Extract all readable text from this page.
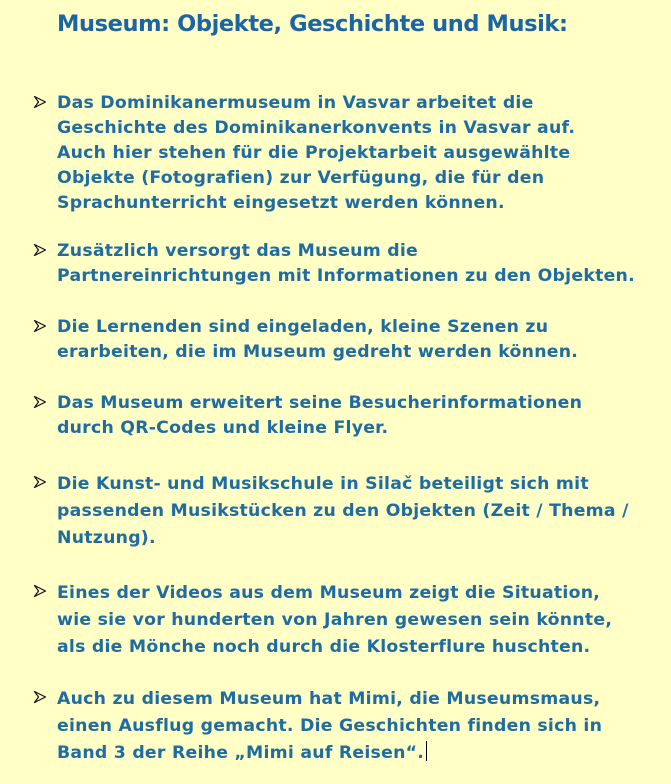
Museum: Objekte, Geschichte und Musik:

Das Dominikanermuseum in Vasvar arbeitet die
Geschichte des Dominikanerkonvents in Vasvar auf.
Auch hier stehen für die Projektarbeit ausgewählte
Objekte (Fotografien) zur Verfügung, die für den
Sprachunterricht eingesetzt werden können.

Zusätzlich versorgt das Museum die
Partnereinrichtungen mit Informationen zu den Objekten.

Die Lernenden sind eingeladen, kleine Szenen zu
erarbeiten, die im Museum gedreht werden können.

Das Museum erweitert seine Besucherinformationen
durch QR-Codes und kleine Flyer.

Die Kunst- und Musikschule in Silač beteiligt sich mit
passenden Musikstücken zu den Objekten (Zeit / Thema /
Nutzung).

Eines der Videos aus dem Museum zeigt die Situation,
wie sie vor hunderten von Jahren gewesen sein könnte,
als die Mönche noch durch die Klosterflure huschten.

Auch zu diesem Museum hat Mimi, die Museumsmaus,
einen Ausflug gemacht. Die Geschichten finden sich in
Band 3 der Reihe „Mimi auf Reisen“.
